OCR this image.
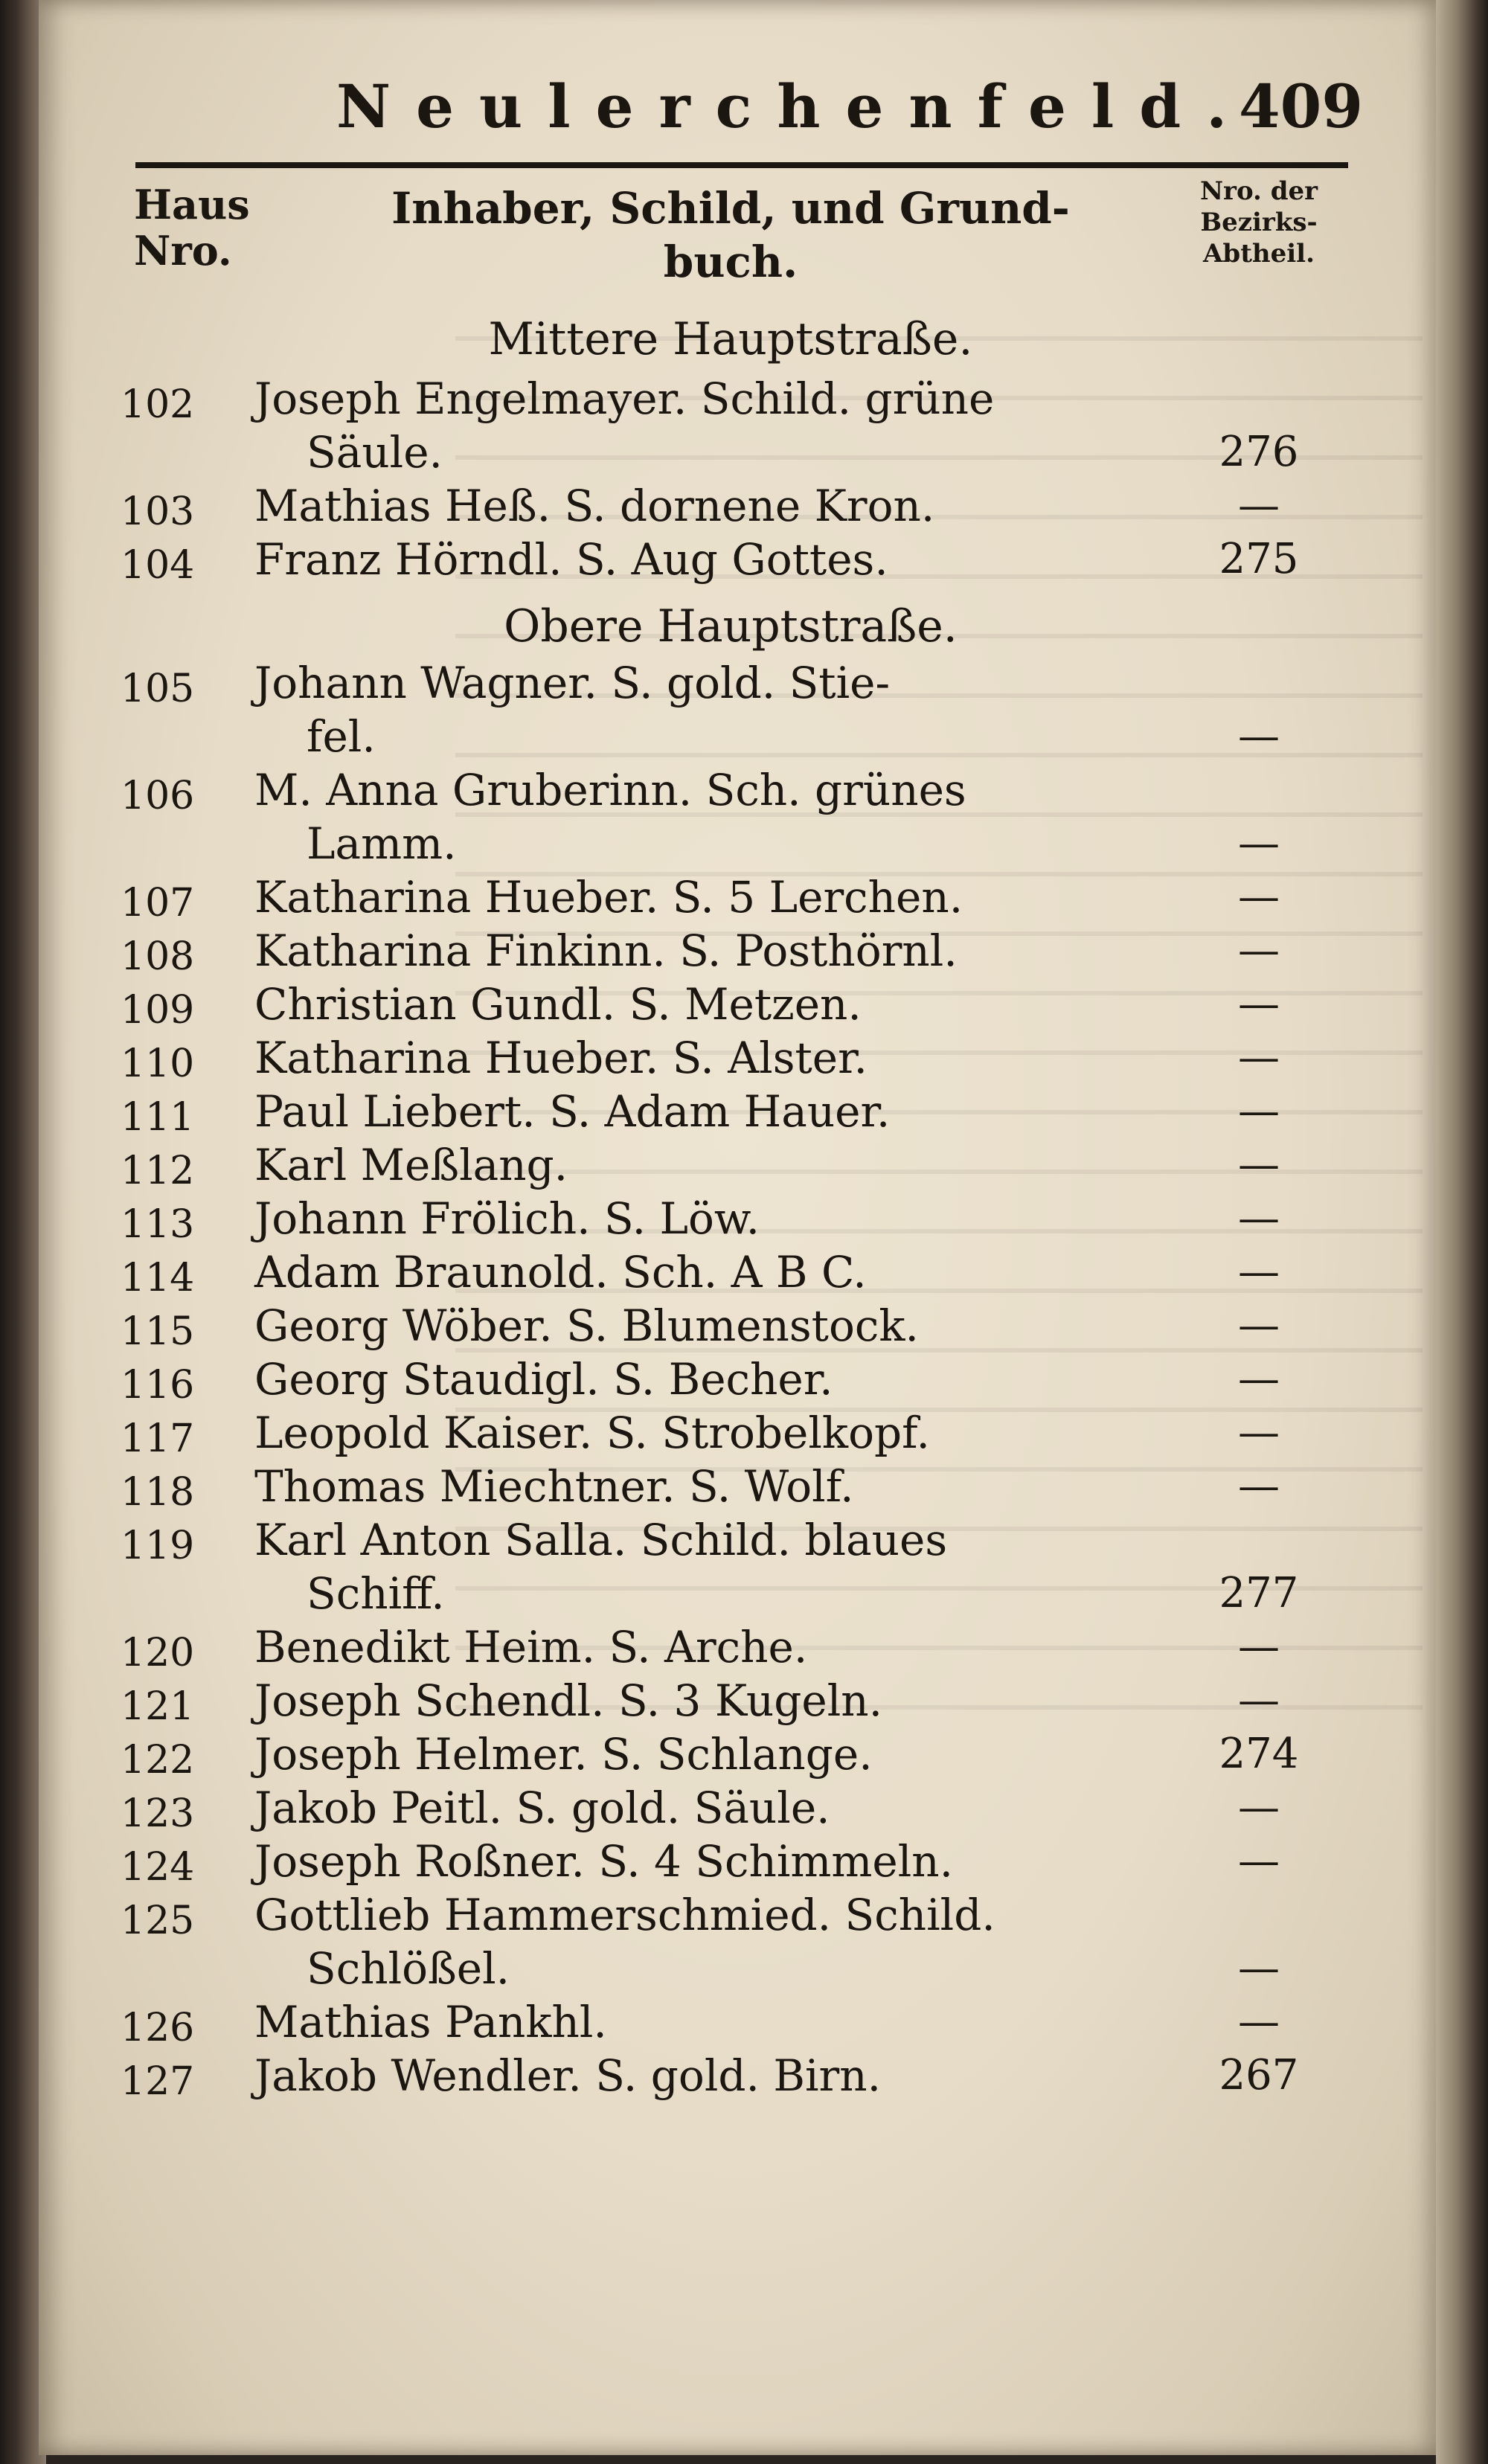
Neulerchenfeld.
409
Haus
Nro.
Inhaber, Schild, und Grund-
buch.
Nro. der
Bezirks-
Abtheil.
Mittere Hauptstraße.
Obere Hauptstraße.
102	Joseph Engelmayer. Schild. grüne
Säule.	276
103	Mathias Heß. S. dornene Kron.	—
104	Franz Hörndl. S. Aug Gottes.	275
105	Johann Wagner. S. gold. Stie-
fel.	—
106	M. Anna Gruberinn. Sch. grünes
Lamm.	—
107	Katharina Hueber. S. 5 Lerchen.	—
108	Katharina Finkinn. S. Posthörnl.	—
109	Christian Gundl. S. Metzen.	—
110	Katharina Hueber. S. Alster.	—
111	Paul Liebert. S. Adam Hauer.	—
112	Karl Meßlang.	—
113	Johann Frölich. S. Löw.	—
114	Adam Braunold. Sch. A B C.	—
115	Georg Wöber. S. Blumenstock.	—
116	Georg Staudigl. S. Becher.	—
117	Leopold Kaiser. S. Strobelkopf.	—
118	Thomas Miechtner. S. Wolf.	—
119	Karl Anton Salla. Schild. blaues
Schiff.	277
120	Benedikt Heim. S. Arche.	—
121	Joseph Schendl. S. 3 Kugeln.	—
122	Joseph Helmer. S. Schlange.	274
123	Jakob Peitl. S. gold. Säule.	—
124	Joseph Roßner. S. 4 Schimmeln.	—
125	Gottlieb Hammerschmied. Schild.
Schlößel.	—
126	Mathias Pankhl.	—
127	Jakob Wendler. S. gold. Birn.	267
